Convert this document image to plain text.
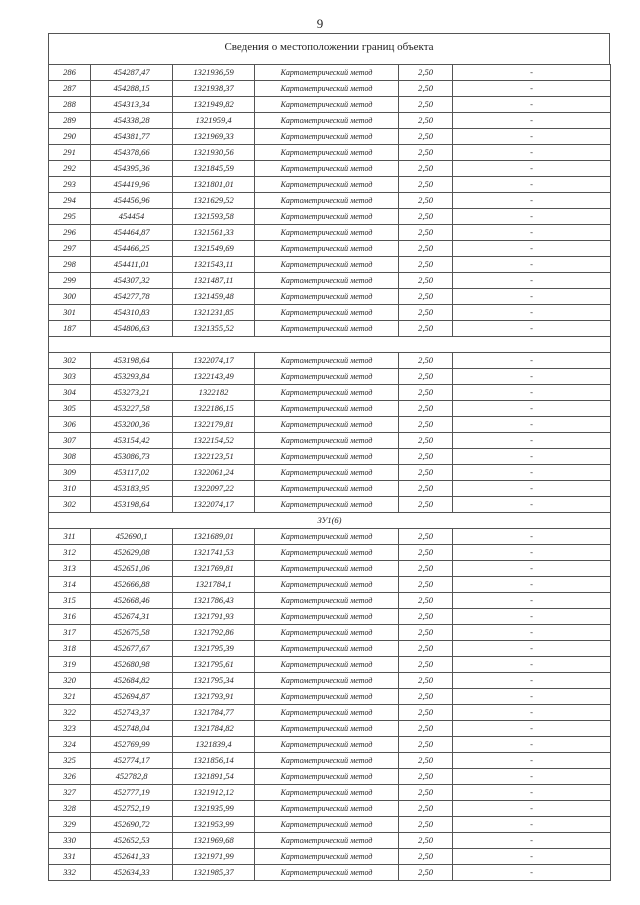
9
Сведения о местоположении границ объекта
286	454287,47	1321936,59	Картометрический метод	2,50	-
287	454288,15	1321938,37	Картометрический метод	2,50	-
288	454313,34	1321949,82	Картометрический метод	2,50	-
289	454338,28	1321959,4	Картометрический метод	2,50	-
290	454381,77	1321969,33	Картометрический метод	2,50	-
291	454378,66	1321930,56	Картометрический метод	2,50	-
292	454395,36	1321845,59	Картометрический метод	2,50	-
293	454419,96	1321801,01	Картометрический метод	2,50	-
294	454456,96	1321629,52	Картометрический метод	2,50	-
295	454454	1321593,58	Картометрический метод	2,50	-
296	454464,87	1321561,33	Картометрический метод	2,50	-
297	454466,25	1321549,69	Картометрический метод	2,50	-
298	454411,01	1321543,11	Картометрический метод	2,50	-
299	454307,32	1321487,11	Картометрический метод	2,50	-
300	454277,78	1321459,48	Картометрический метод	2,50	-
301	454310,83	1321231,85	Картометрический метод	2,50	-
187	454806,63	1321355,52	Картометрический метод	2,50	-

302	453198,64	1322074,17	Картометрический метод	2,50	-
303	453293,84	1322143,49	Картометрический метод	2,50	-
304	453273,21	1322182	Картометрический метод	2,50	-
305	453227,58	1322186,15	Картометрический метод	2,50	-
306	453200,36	1322179,81	Картометрический метод	2,50	-
307	453154,42	1322154,52	Картометрический метод	2,50	-
308	453086,73	1322123,51	Картометрический метод	2,50	-
309	453117,02	1322061,24	Картометрический метод	2,50	-
310	453183,95	1322097,22	Картометрический метод	2,50	-
302	453198,64	1322074,17	Картометрический метод	2,50	-
ЗУ1(6)					
311	452690,1	1321689,01	Картометрический метод	2,50	-
312	452629,08	1321741,53	Картометрический метод	2,50	-
313	452651,06	1321769,81	Картометрический метод	2,50	-
314	452666,88	1321784,1	Картометрический метод	2,50	-
315	452668,46	1321786,43	Картометрический метод	2,50	-
316	452674,31	1321791,93	Картометрический метод	2,50	-
317	452675,58	1321792,86	Картометрический метод	2,50	-
318	452677,67	1321795,39	Картометрический метод	2,50	-
319	452680,98	1321795,61	Картометрический метод	2,50	-
320	452684,82	1321795,34	Картометрический метод	2,50	-
321	452694,87	1321793,91	Картометрический метод	2,50	-
322	452743,37	1321784,77	Картометрический метод	2,50	-
323	452748,04	1321784,82	Картометрический метод	2,50	-
324	452769,99	1321839,4	Картометрический метод	2,50	-
325	452774,17	1321856,14	Картометрический метод	2,50	-
326	452782,8	1321891,54	Картометрический метод	2,50	-
327	452777,19	1321912,12	Картометрический метод	2,50	-
328	452752,19	1321935,99	Картометрический метод	2,50	-
329	452690,72	1321953,99	Картометрический метод	2,50	-
330	452652,53	1321969,68	Картометрический метод	2,50	-
331	452641,33	1321971,99	Картометрический метод	2,50	-
332	452634,33	1321985,37	Картометрический метод	2,50	-
